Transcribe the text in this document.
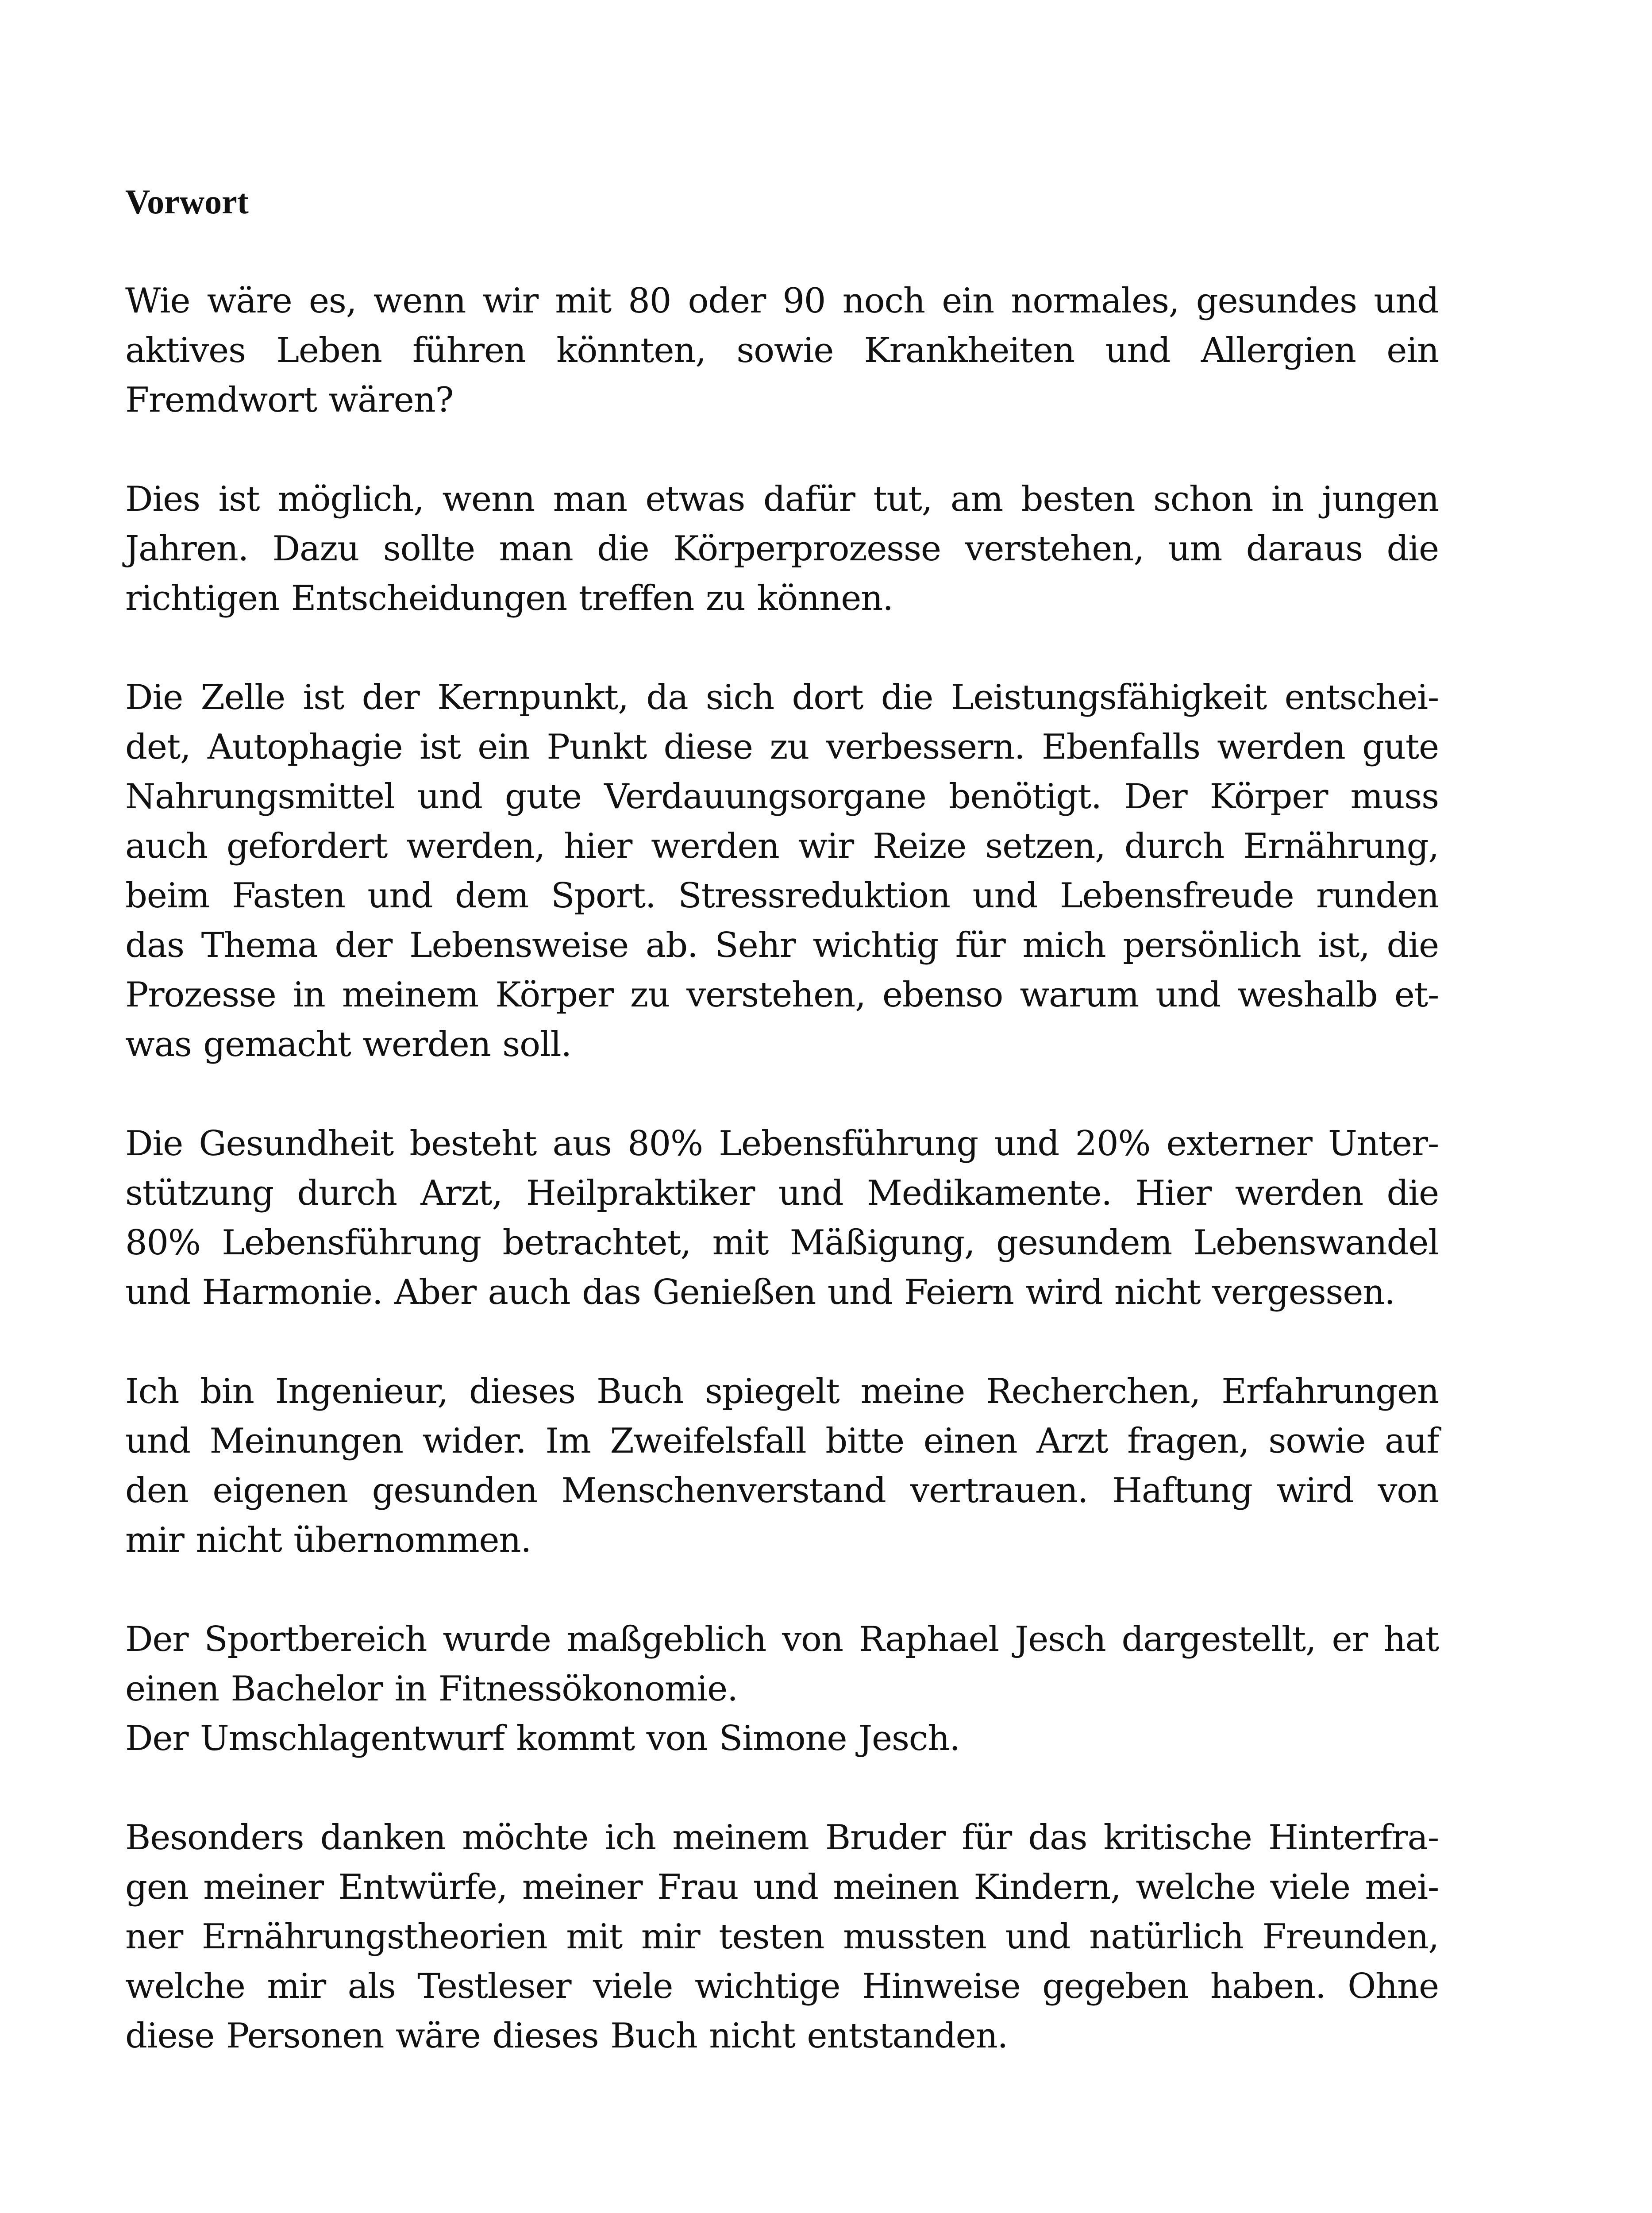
Vorwort

Wie wäre es, wenn wir mit 80 oder 90 noch ein normales, gesundes und
aktives Leben führen könnten, sowie Krankheiten und Allergien ein
Fremdwort wären?

Dies ist möglich, wenn man etwas dafür tut, am besten schon in jungen
Jahren. Dazu sollte man die Körperprozesse verstehen, um daraus die
richtigen Entscheidungen treffen zu können.

Die Zelle ist der Kernpunkt, da sich dort die Leistungsfähigkeit entschei-
det, Autophagie ist ein Punkt diese zu verbessern. Ebenfalls werden gute
Nahrungsmittel und gute Verdauungsorgane benötigt. Der Körper muss
auch gefordert werden, hier werden wir Reize setzen, durch Ernährung,
beim Fasten und dem Sport. Stressreduktion und Lebensfreude runden
das Thema der Lebensweise ab. Sehr wichtig für mich persönlich ist, die
Prozesse in meinem Körper zu verstehen, ebenso warum und weshalb et-
was gemacht werden soll.

Die Gesundheit besteht aus 80% Lebensführung und 20% externer Unter-
stützung durch Arzt, Heilpraktiker und Medikamente. Hier werden die
80% Lebensführung betrachtet, mit Mäßigung, gesundem Lebenswandel
und Harmonie. Aber auch das Genießen und Feiern wird nicht vergessen.

Ich bin Ingenieur, dieses Buch spiegelt meine Recherchen, Erfahrungen
und Meinungen wider. Im Zweifelsfall bitte einen Arzt fragen, sowie auf
den eigenen gesunden Menschenverstand vertrauen. Haftung wird von
mir nicht übernommen.

Der Sportbereich wurde maßgeblich von Raphael Jesch dargestellt, er hat
einen Bachelor in Fitnessökonomie.
Der Umschlagentwurf kommt von Simone Jesch.

Besonders danken möchte ich meinem Bruder für das kritische Hinterfra-
gen meiner Entwürfe, meiner Frau und meinen Kindern, welche viele mei-
ner Ernährungstheorien mit mir testen mussten und natürlich Freunden,
welche mir als Testleser viele wichtige Hinweise gegeben haben. Ohne
diese Personen wäre dieses Buch nicht entstanden.
